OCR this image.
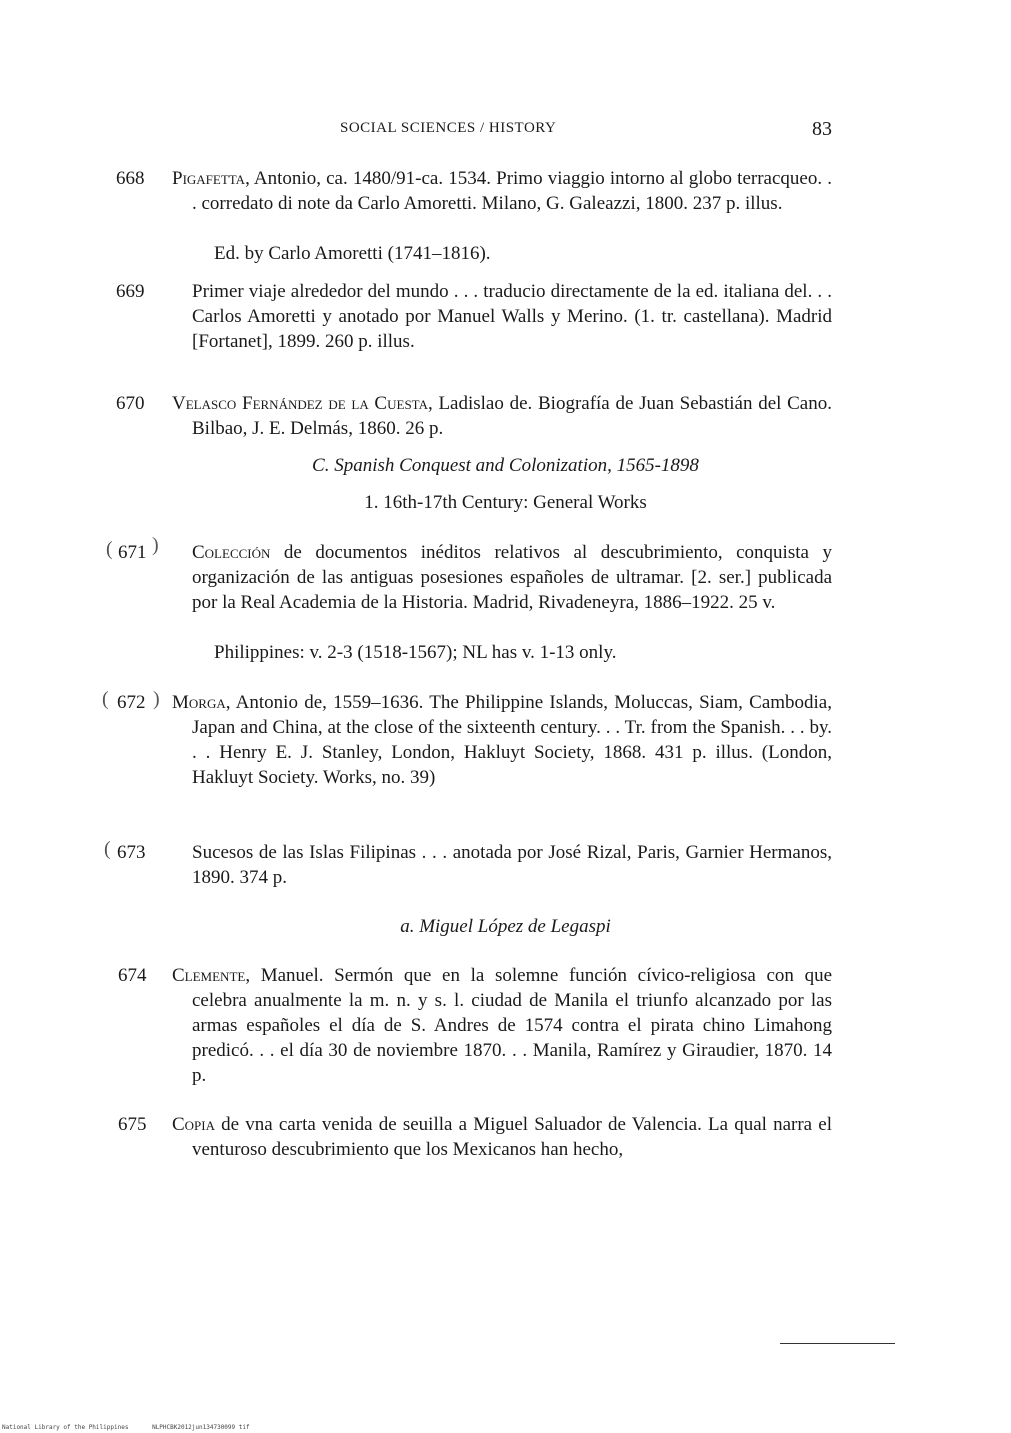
SOCIAL SCIENCES / HISTORY	83
668 Pigafetta, Antonio, ca. 1480/91-ca. 1534. Primo viaggio intorno al globo terracqueo. . . corredato di note da Carlo Amoretti. Milano, G. Galeazzi, 1800. 237 p. illus.
Ed. by Carlo Amoretti (1741–1816).
669	Primer viaje alrededor del mundo . . . traducio directamente de la ed. italiana del. . . Carlos Amoretti y anotado por Manuel Walls y Merino. (1. tr. castellana). Madrid [Fortanet], 1899. 260 p. illus.
670 Velasco Fernández de la Cuesta, Ladislao de. Biografía de Juan Sebastián del Cano. Bilbao, J. E. Delmás, 1860. 26 p.
C. Spanish Conquest and Colonization, 1565-1898
1. 16th-17th Century: General Works
( 671 ) Colección de documentos inéditos relativos al descubrimiento, conquista y organización de las antiguas posesiones españoles de ultramar. [2. ser.] publicada por la Real Academia de la Historia. Madrid, Rivadeneyra, 1886–1922. 25 v.
Philippines: v. 2-3 (1518-1567); NL has v. 1-13 only.
( 672 ) Morga, Antonio de, 1559–1636. The Philippine Islands, Moluccas, Siam, Cambodia, Japan and China, at the close of the sixteenth century. . . Tr. from the Spanish. . . by. . . Henry E. J. Stanley, London, Hakluyt Society, 1868. 431 p. illus. (London, Hakluyt Society. Works, no. 39)
( 673 Sucesos de las Islas Filipinas . . . anotada por José Rizal, Paris, Garnier Hermanos, 1890. 374 p.
a. Miguel López de Legaspi
674 Clemente, Manuel. Sermón que en la solemne función cívico-religiosa con que celebra anualmente la m. n. y s. l. ciudad de Manila el triunfo alcanzado por las armas españoles el día de S. Andres de 1574 contra el pirata chino Limahong predicó. . . el día 30 de noviembre 1870. . . Manila, Ramírez y Giraudier, 1870. 14 p.
675 Copia de vna carta venida de seuilla a Miguel Saluador de Valencia. La qual narra el venturoso descubrimiento que los Mexicanos han hecho,
National Library of the Philippines	NLPHCBK2012jun134730099 tif
